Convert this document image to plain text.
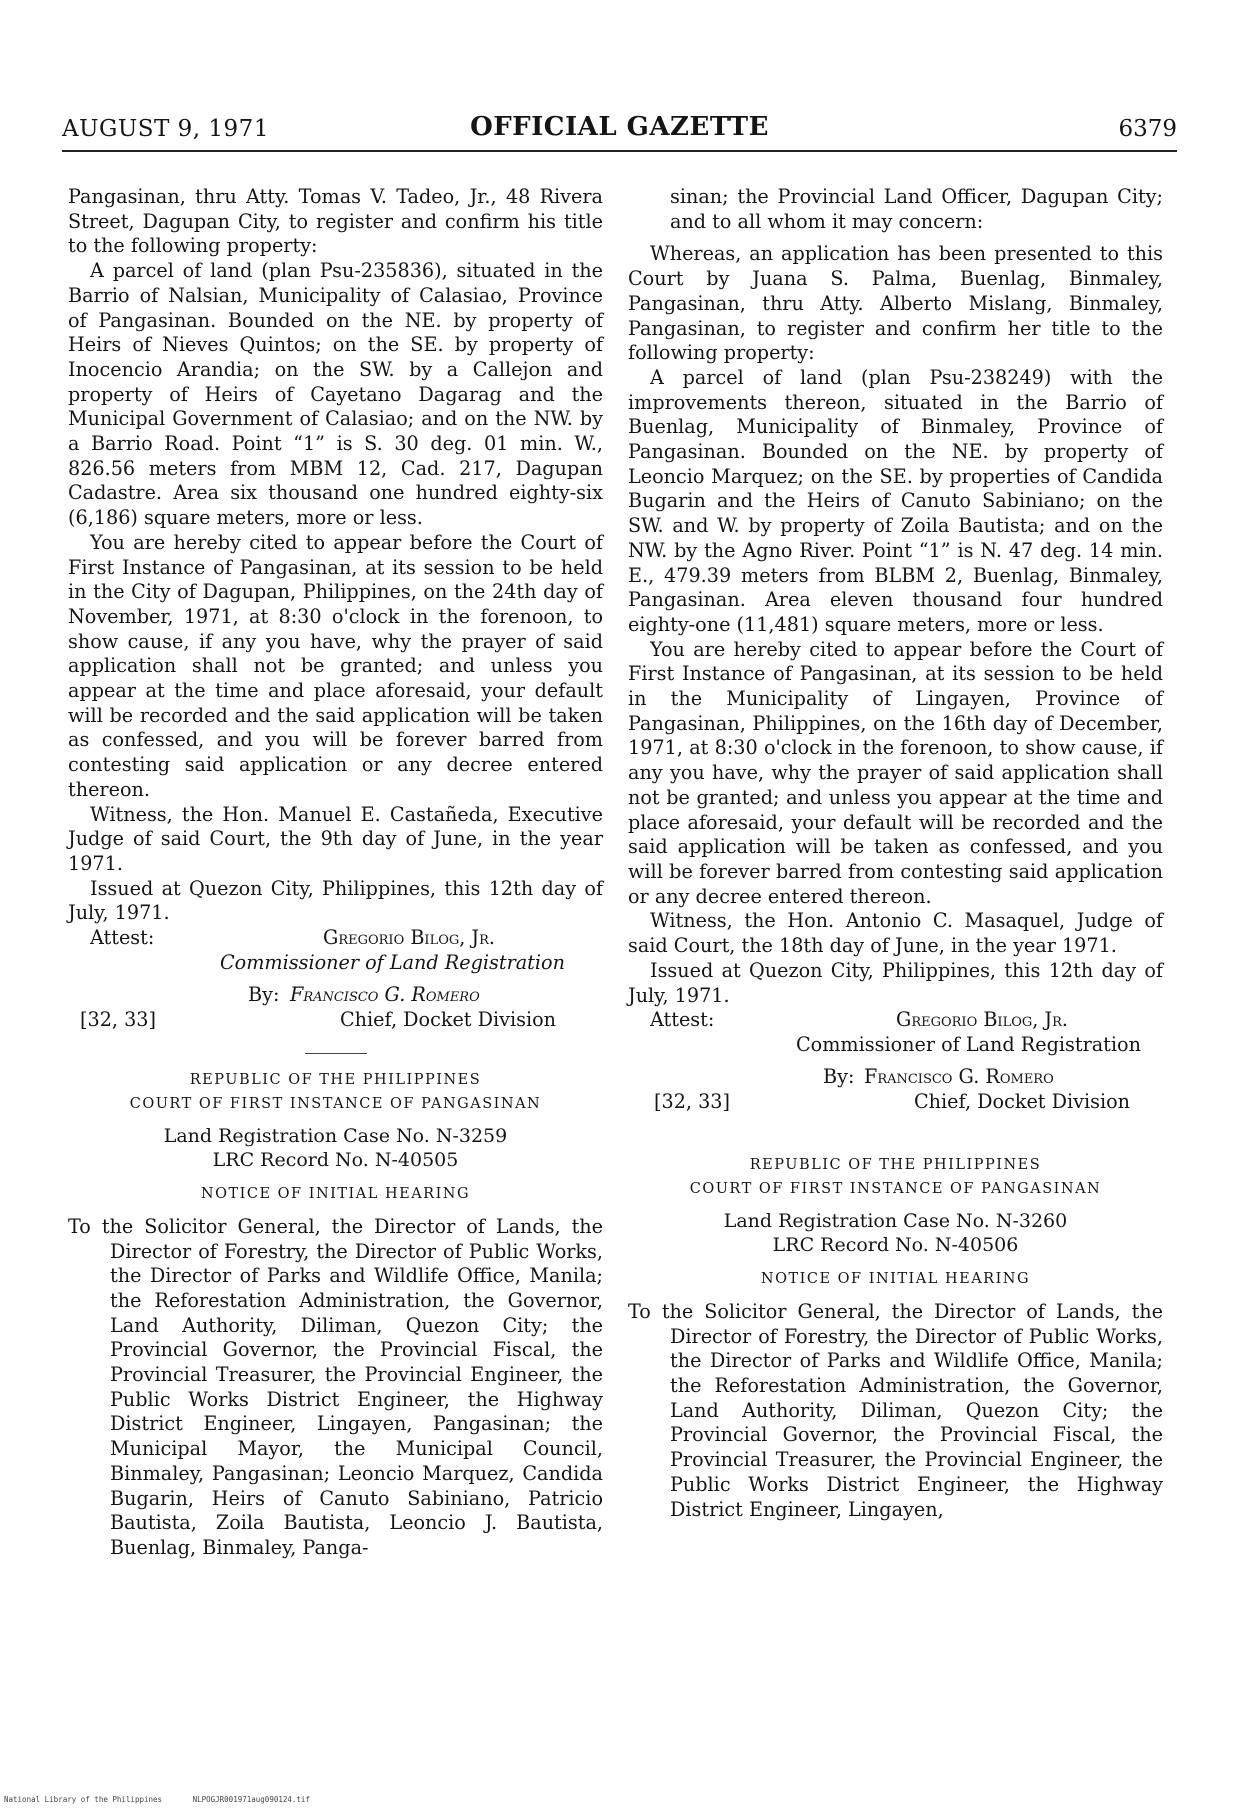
AUGUST 9, 1971	OFFICIAL GAZETTE	6379

Pangasinan, thru Atty. Tomas V. Tadeo, Jr., 48 Rivera Street, Dagupan City, to register and confirm his title to the following property:

A parcel of land (plan Psu-235836), situated in the Barrio of Nalsian, Municipality of Calasiao, Province of Pangasinan. Bounded on the NE. by property of Heirs of Nieves Quintos; on the SE. by property of Inocencio Arandia; on the SW. by a Callejon and property of Heirs of Cayetano Dagarag and the Municipal Government of Calasiao; and on the NW. by a Barrio Road. Point “1” is S. 30 deg. 01 min. W., 826.56 meters from MBM 12, Cad. 217, Dagupan Cadastre. Area six thousand one hundred eighty-six (6,186) square meters, more or less.

You are hereby cited to appear before the Court of First Instance of Pangasinan, at its session to be held in the City of Dagupan, Philippines, on the 24th day of November, 1971, at 8:30 o'clock in the forenoon, to show cause, if any you have, why the prayer of said application shall not be granted; and unless you appear at the time and place aforesaid, your default will be recorded and the said application will be taken as confessed, and you will be forever barred from contesting said application or any decree entered thereon.

Witness, the Hon. Manuel E. Castañeda, Executive Judge of said Court, the 9th day of June, in the year 1971.

Issued at Quezon City, Philippines, this 12th day of July, 1971.

Attest:	Gregorio Bilog, Jr.
Commissioner of Land Registration
By: Francisco G. Romero
[32, 33]	Chief, Docket Division
REPUBLIC OF THE PHILIPPINES
COURT OF FIRST INSTANCE OF PANGASINAN
Land Registration Case No. N-3259
LRC Record No. N-40505
NOTICE OF INITIAL HEARING

To the Solicitor General, the Director of Lands, the Director of Forestry, the Director of Public Works, the Director of Parks and Wildlife Office, Manila; the Reforestation Administration, the Governor, Land Authority, Diliman, Quezon City; the Provincial Governor, the Provincial Fiscal, the Provincial Treasurer, the Provincial Engineer, the Public Works District Engineer, the Highway District Engineer, Lingayen, Pangasinan; the Municipal Mayor, the Municipal Council, Binmaley, Pangasinan; Leoncio Marquez, Candida Bugarin, Heirs of Canuto Sabiniano, Patricio Bautista, Zoila Bautista, Leoncio J. Bautista, Buenlag, Binmaley, Panga-

sinan; the Provincial Land Officer, Dagupan City; and to all whom it may concern:

Whereas, an application has been presented to this Court by Juana S. Palma, Buenlag, Binmaley, Pangasinan, thru Atty. Alberto Mislang, Binmaley, Pangasinan, to register and confirm her title to the following property:

A parcel of land (plan Psu-238249) with the improvements thereon, situated in the Barrio of Buenlag, Municipality of Binmaley, Province of Pangasinan. Bounded on the NE. by property of Leoncio Marquez; on the SE. by properties of Candida Bugarin and the Heirs of Canuto Sabiniano; on the SW. and W. by property of Zoila Bautista; and on the NW. by the Agno River. Point “1” is N. 47 deg. 14 min. E., 479.39 meters from BLBM 2, Buenlag, Binmaley, Pangasinan. Area eleven thousand four hundred eighty-one (11,481) square meters, more or less.

You are hereby cited to appear before the Court of First Instance of Pangasinan, at its session to be held in the Municipality of Lingayen, Province of Pangasinan, Philippines, on the 16th day of December, 1971, at 8:30 o'clock in the forenoon, to show cause, if any you have, why the prayer of said application shall not be granted; and unless you appear at the time and place aforesaid, your default will be recorded and the said application will be taken as confessed, and you will be forever barred from contesting said application or any decree entered thereon.

Witness, the Hon. Antonio C. Masaquel, Judge of said Court, the 18th day of June, in the year 1971.

Issued at Quezon City, Philippines, this 12th day of July, 1971.

Attest:	Gregorio Bilog, Jr.
Commissioner of Land Registration
By: Francisco G. Romero
[32, 33]	Chief, Docket Division
REPUBLIC OF THE PHILIPPINES
COURT OF FIRST INSTANCE OF PANGASINAN
Land Registration Case No. N-3260
LRC Record No. N-40506
NOTICE OF INITIAL HEARING

To the Solicitor General, the Director of Lands, the Director of Forestry, the Director of Public Works, the Director of Parks and Wildlife Office, Manila; the Reforestation Administration, the Governor, Land Authority, Diliman, Quezon City; the Provincial Governor, the Provincial Fiscal, the Provincial Treasurer, the Provincial Engineer, the Public Works District Engineer, the Highway District Engineer, Lingayen,

National Library of the Philippines	NLPOGJR001971aug090124.tif
